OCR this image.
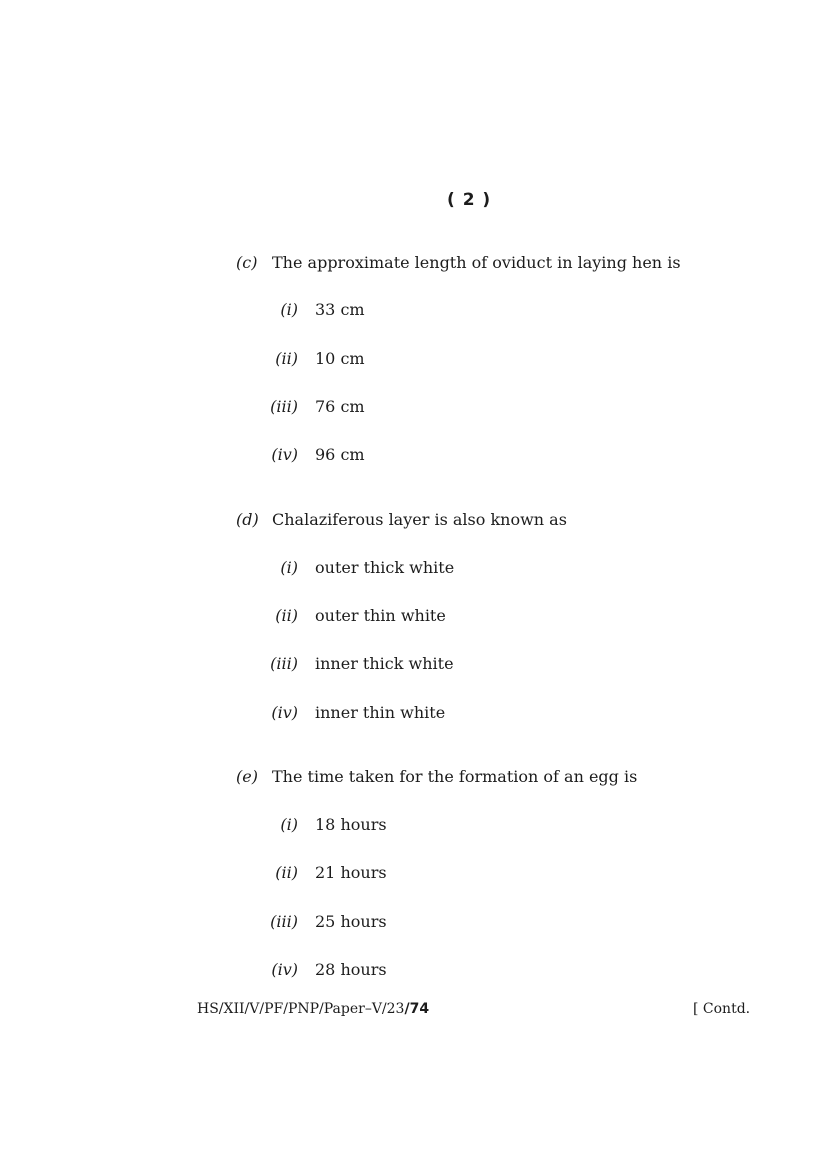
( 2 )
(c) The approximate length of oviduct in laying hen is
(i) 33 cm
(ii) 10 cm
(iii) 76 cm
(iv) 96 cm
(d) Chalaziferous layer is also known as
(i) outer thick white
(ii) outer thin white
(iii) inner thick white
(iv) inner thin white
(e) The time taken for the formation of an egg is
(i) 18 hours
(ii) 21 hours
(iii) 25 hours
(iv) 28 hours
HS/XII/V/PF/PNP/Paper–V/23/74	[ Contd.
